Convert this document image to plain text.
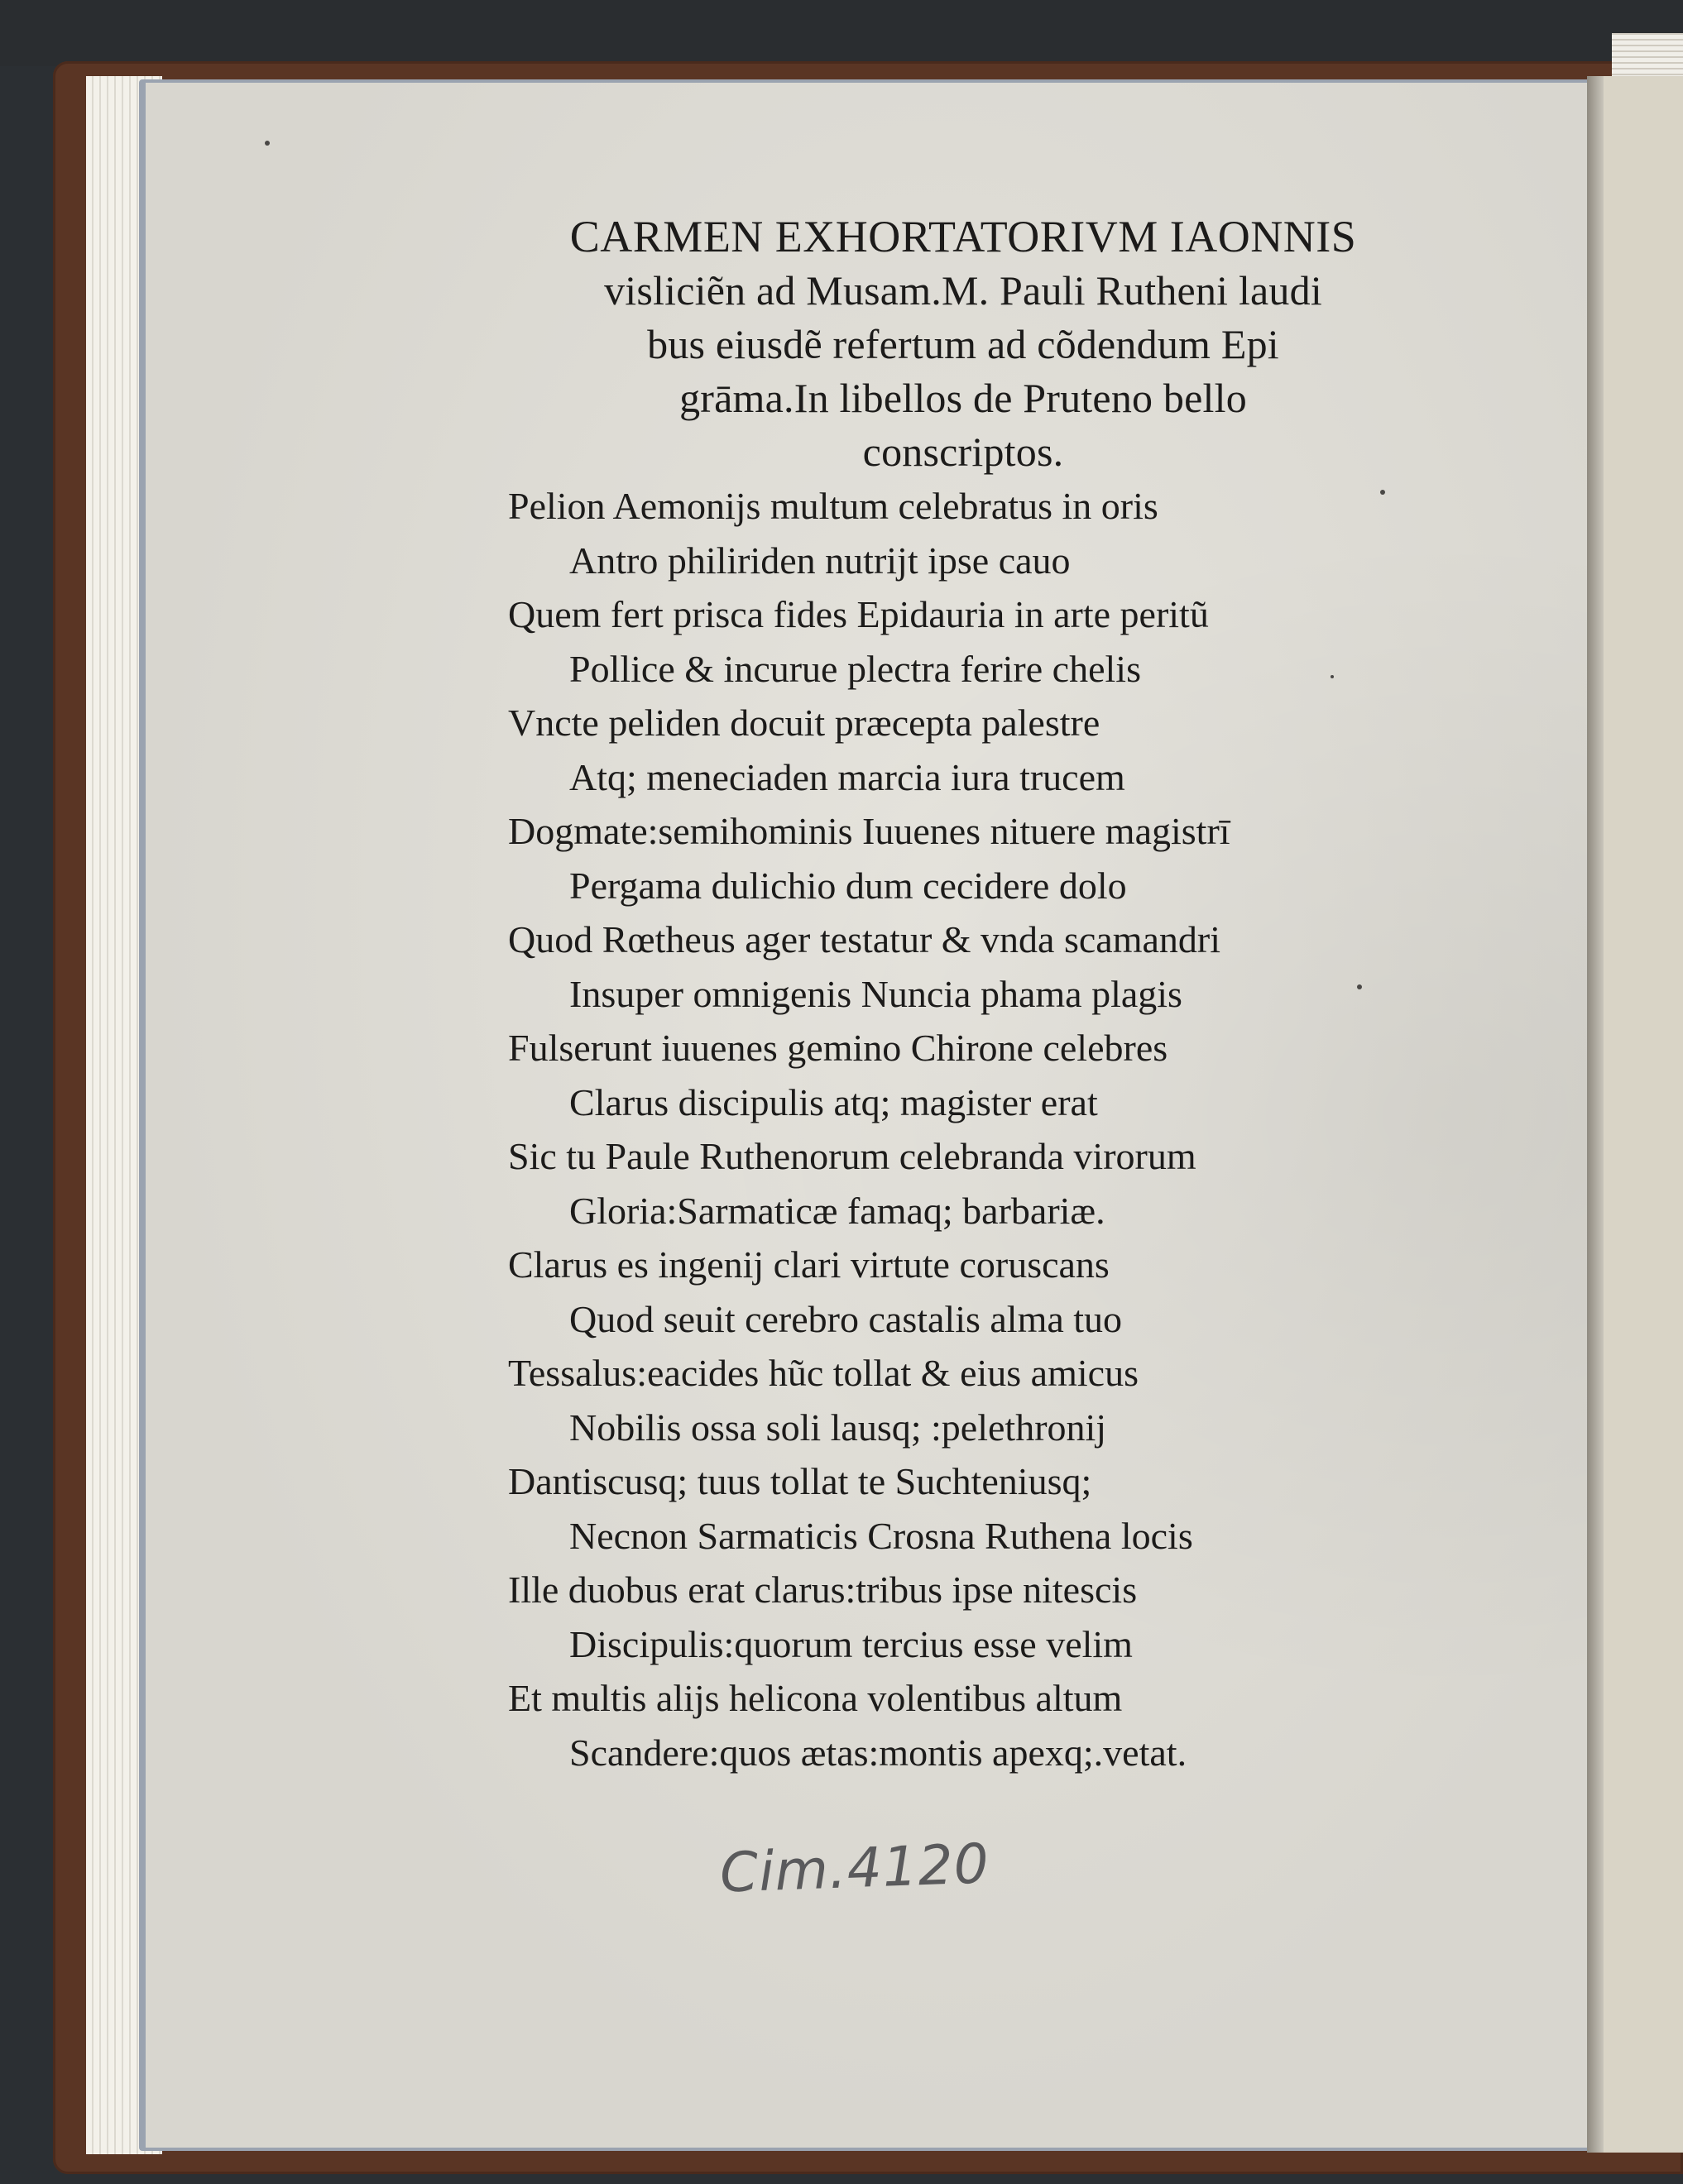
CARMEN EXHORTATORIVM IAONNIS
visliciẽn ad Musam.M. Pauli Rutheni laudi
bus eiusdẽ refertum ad cõdendum Epi
grāma.In libellos de Pruteno bello
conscriptos.
Pelion Aemonijs multum celebratus in oris
Antro philiriden nutrijt ipse cauo
Quem fert prisca fides Epidauria in arte peritũ
Pollice & incurue plectra ferire chelis
Vncte peliden docuit præcepta palestre
Atq; meneciaden marcia iura trucem
Dogmate:semihominis Iuuenes nituere magistrī
Pergama dulichio dum cecidere dolo
Quod Rœtheus ager testatur & vnda scamandri
Insuper omnigenis Nuncia phama plagis
Fulserunt iuuenes gemino Chirone celebres
Clarus discipulis atq; magister erat
Sic tu Paule Ruthenorum celebranda virorum
Gloria:Sarmaticæ famaq; barbariæ.
Clarus es ingenij clari virtute coruscans
Quod seuit cerebro castalis alma tuo
Tessalus:eacides hũc tollat & eius amicus
Nobilis ossa soli lausq; :pelethronij
Dantiscusq; tuus tollat te Suchteniusq;
Necnon Sarmaticis Crosna Ruthena locis
Ille duobus erat clarus:tribus ipse nitescis
Discipulis:quorum tercius esse velim
Et multis alijs helicona volentibus altum
Scandere:quos ætas:montis apexq;.vetat.
Cim.4120
